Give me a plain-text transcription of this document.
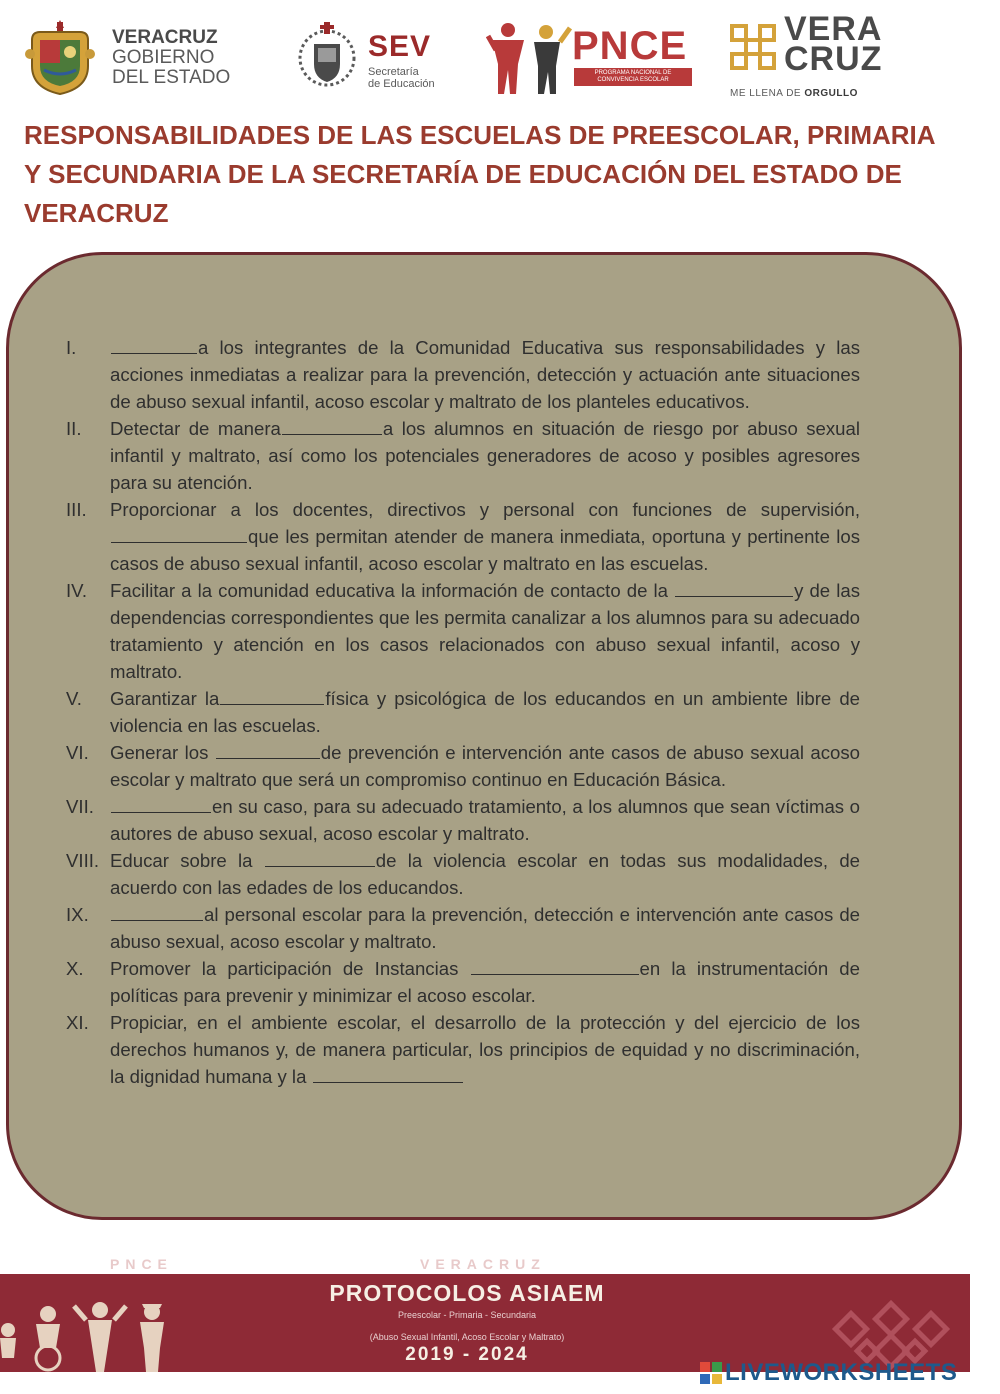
VERACRUZ
GOBIERNO
DEL ESTADO
SEV
Secretaría
de Educación
PNCE
PROGRAMA NACIONAL DE CONVIVENCIA ESCOLAR
VERA
CRUZ
ME LLENA DE ORGULLO
RESPONSABILIDADES DE LAS ESCUELAS DE PREESCOLAR, PRIMARIA Y SECUNDARIA DE LA SECRETARÍA DE EDUCACIÓN DEL ESTADO DE VERACRUZ
I.	a los integrantes de la Comunidad Educativa sus responsabilidades y las acciones inmediatas a realizar para la prevención, detección y actuación ante situaciones de abuso sexual infantil, acoso escolar y maltrato de los planteles educativos.
II. Detectar de manera	a los alumnos en situación de riesgo por abuso sexual infantil y maltrato, así como los potenciales generadores de acoso y posibles agresores para su atención.
III. Proporcionar a los docentes, directivos y personal con funciones de supervisión, que les permitan atender de manera inmediata, oportuna y pertinente los casos de abuso sexual infantil, acoso escolar y maltrato en las escuelas.
IV. Facilitar a la comunidad educativa la información de contacto de la	y de las dependencias correspondientes que les permita canalizar a los alumnos para su adecuado tratamiento y atención en los casos relacionados con abuso sexual infantil, acoso y maltrato.
V. Garantizar la	física y psicológica de los educandos en un ambiente libre de violencia en las escuelas.
VI. Generar los	de prevención e intervención ante casos de abuso sexual acoso escolar y maltrato que será un compromiso continuo en Educación Básica.
VII.	en su caso, para su adecuado tratamiento, a los alumnos que sean víctimas o autores de abuso sexual, acoso escolar y maltrato.
VIII. Educar sobre la	de la violencia escolar en todas sus modalidades, de acuerdo con las edades de los educandos.
IX.	al personal escolar para la prevención, detección e intervención ante casos de abuso sexual, acoso escolar y maltrato.
X. Promover la participación de Instancias	en la instrumentación de políticas para prevenir y minimizar el acoso escolar.
XI. Propiciar, en el ambiente escolar, el desarrollo de la protección y del ejercicio de los derechos humanos y, de manera particular, los principios de equidad y no discriminación, la dignidad humana y la
PNCE	VERACRUZ

PROTOCOLOS ASIAEM

Preescolar - Primaria - Secundaria

(Abuso Sexual Infantil, Acoso Escolar y Maltrato)

2019 - 2024

LIVEWORKSHEETS
